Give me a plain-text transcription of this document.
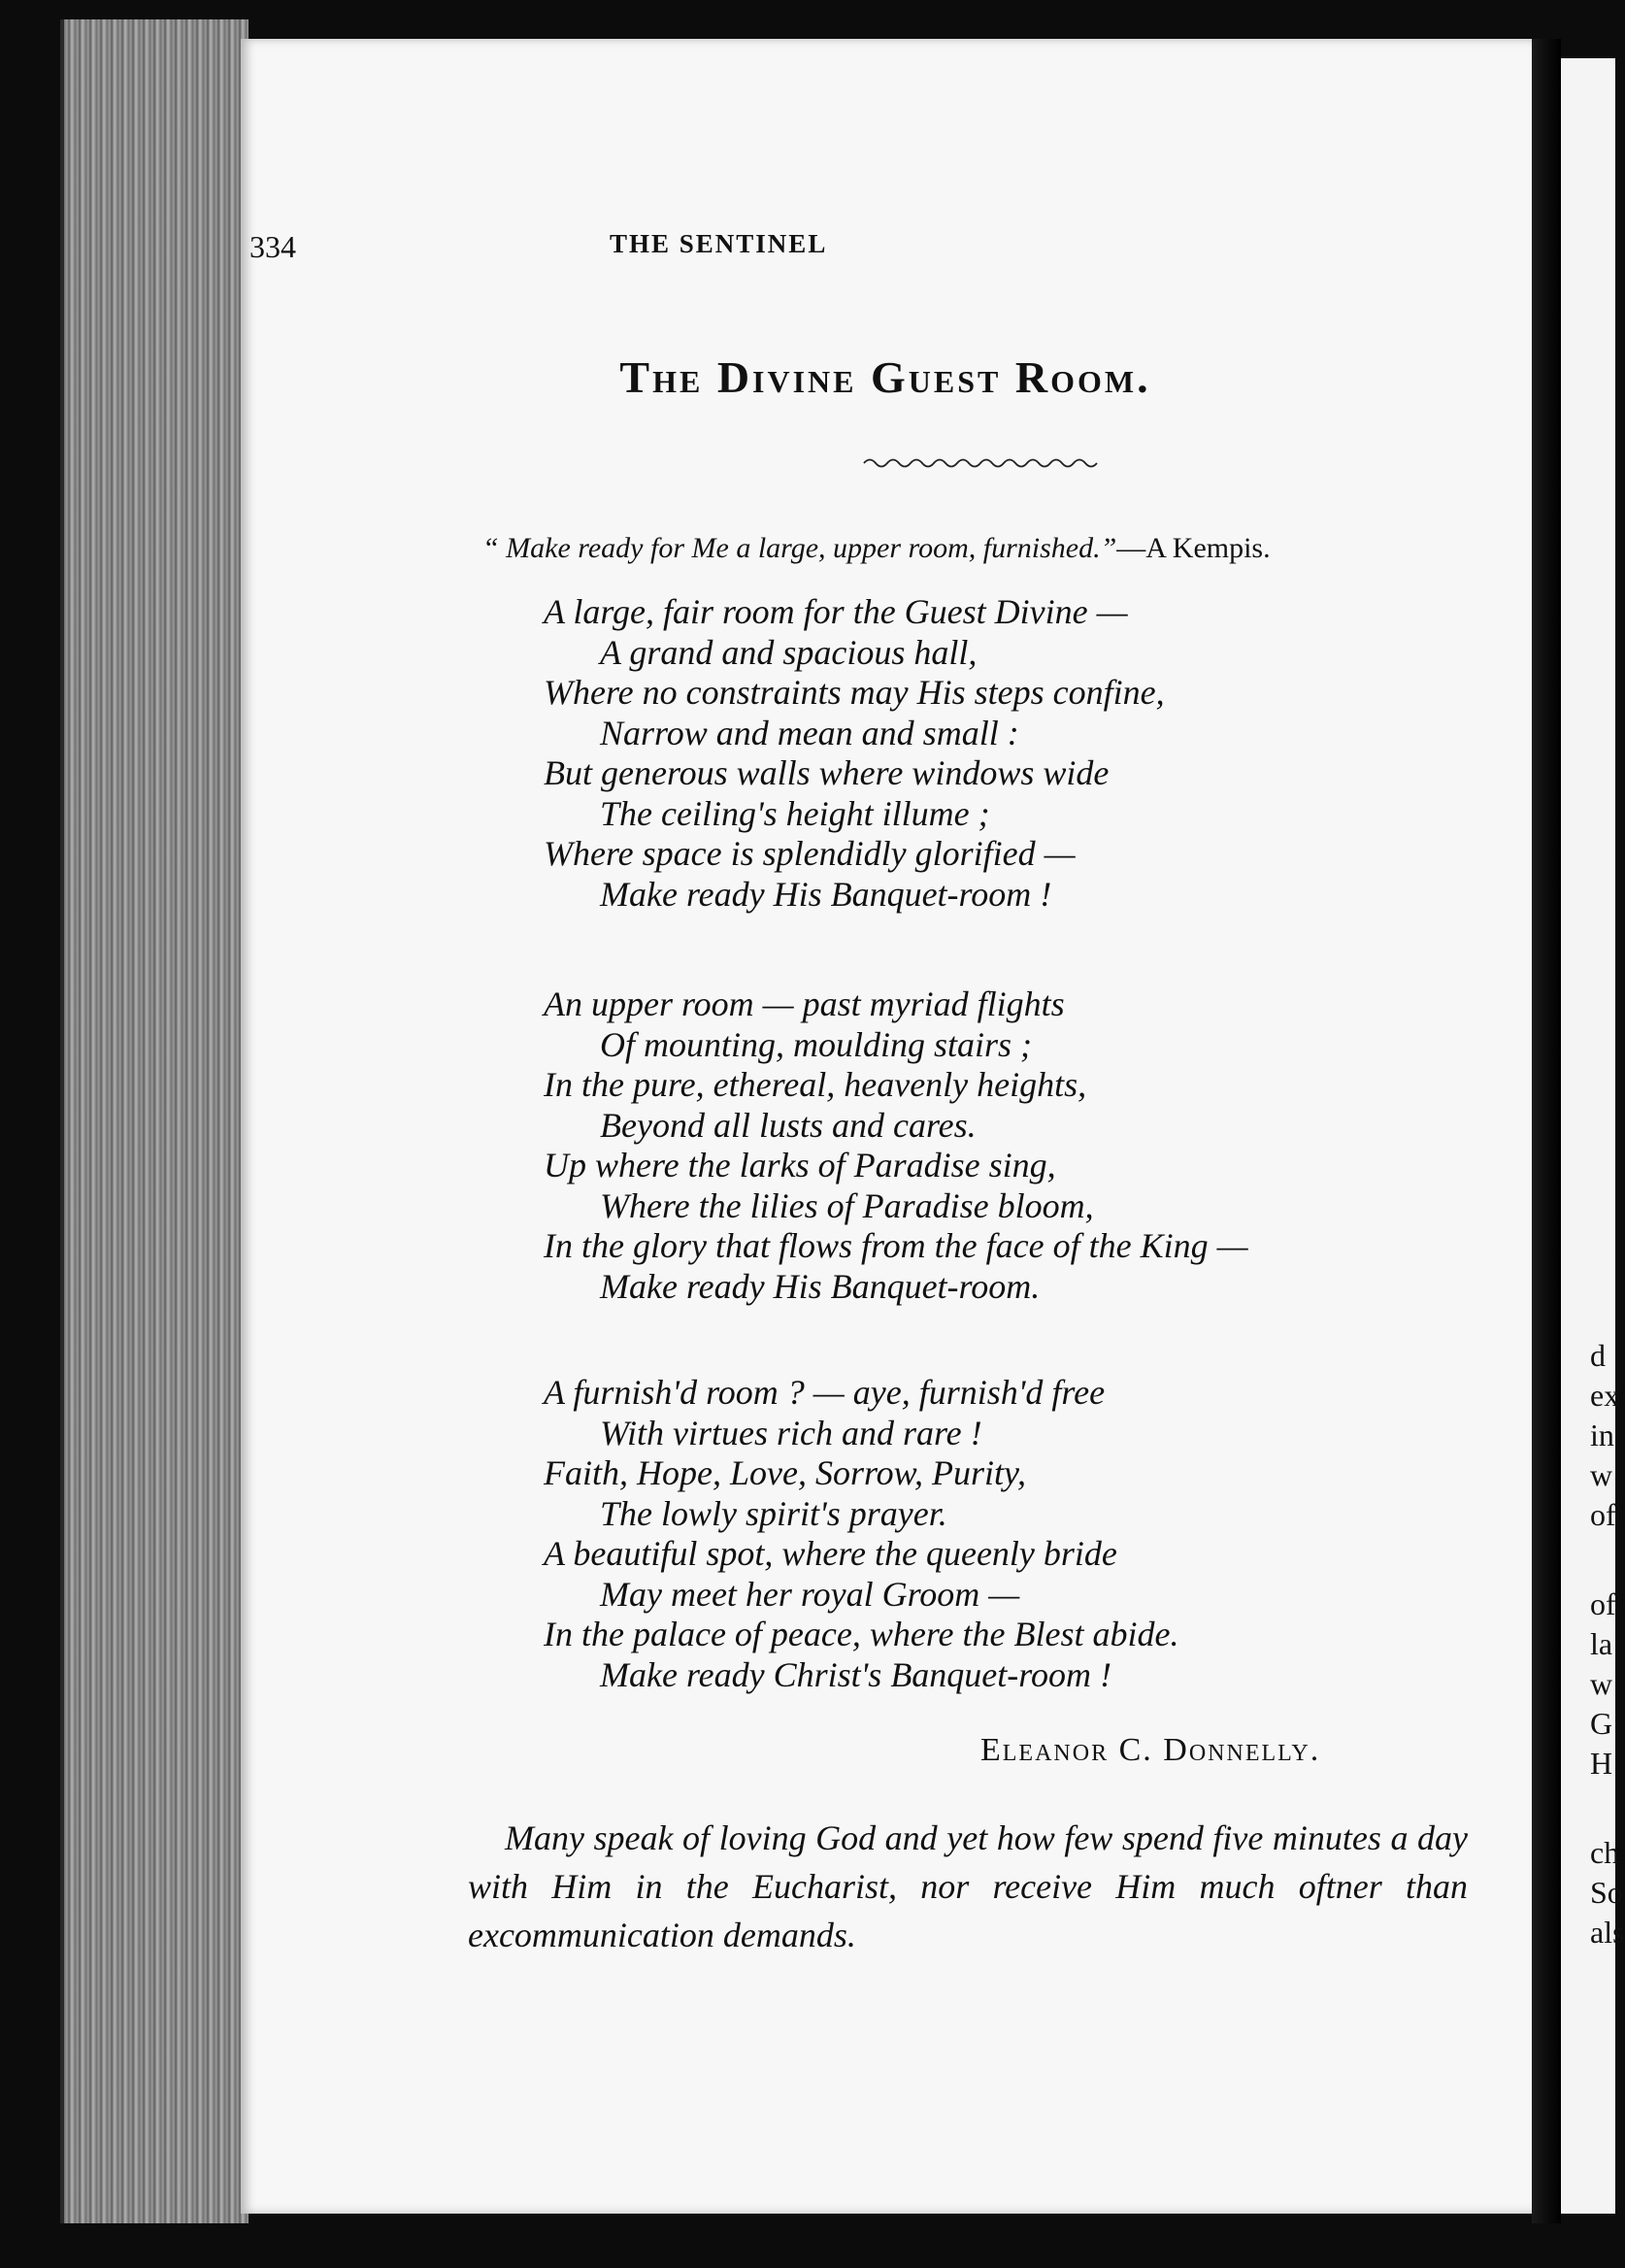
d
ex
in
w
of
of
la
w
G
H
ch
So
als
334	THE SENTINEL
The Divine Guest Room.
“ Make ready for Me a large, upper room, furnished.”—A Kempis.
A large, fair room for the Guest Divine —
A grand and spacious hall,
Where no constraints may His steps confine,
Narrow and mean and small :
But generous walls where windows wide
The ceiling's height illume ;
Where space is splendidly glorified —
Make ready His Banquet-room !
An upper room — past myriad flights
Of mounting, moulding stairs ;
In the pure, ethereal, heavenly heights,
Beyond all lusts and cares.
Up where the larks of Paradise sing,
Where the lilies of Paradise bloom,
In the glory that flows from the face of the King —
Make ready His Banquet-room.
A furnish'd room ? — aye, furnish'd free
With virtues rich and rare !
Faith, Hope, Love, Sorrow, Purity,
The lowly spirit's prayer.
A beautiful spot, where the queenly bride
May meet her royal Groom —
In the palace of peace, where the Blest abide.
Make ready Christ's Banquet-room !
Eleanor C. Donnelly.
Many speak of loving God and yet how few spend five minutes a day with Him in the Eucharist, nor receive Him much oftner than excommunication demands.
